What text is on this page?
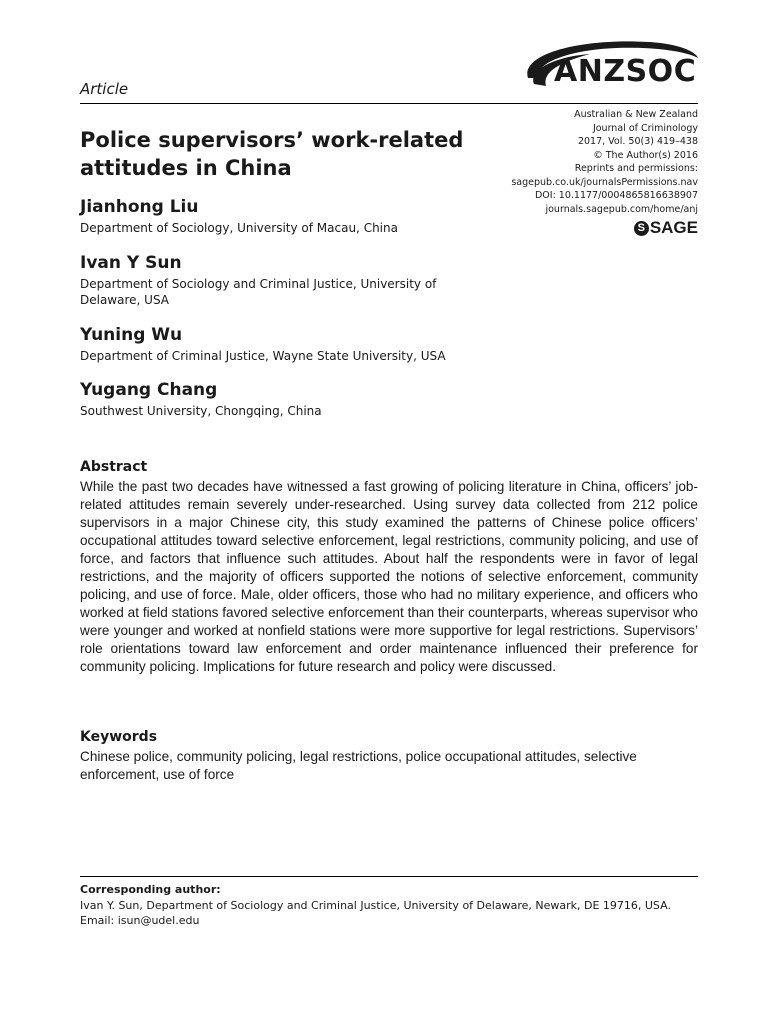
ANZSOC
Article
Australian & New Zealand
Journal of Criminology
2017, Vol. 50(3) 419–438
© The Author(s) 2016
Reprints and permissions:
sagepub.co.uk/journalsPermissions.nav
DOI: 10.1177/0004865816638907
journals.sagepub.com/home/anj
S SAGE
Police supervisors’ work-related attitudes in China
Jianhong Liu
Department of Sociology, University of Macau, China
Ivan Y Sun
Department of Sociology and Criminal Justice, University of Delaware, USA
Yuning Wu
Department of Criminal Justice, Wayne State University, USA
Yugang Chang
Southwest University, Chongqing, China
Abstract
While the past two decades have witnessed a fast growing of policing literature in China, officers’ job-related attitudes remain severely under-researched. Using survey data collected from 212 police supervisors in a major Chinese city, this study examined the patterns of Chinese police officers’ occupational attitudes toward selective enforcement, legal restrictions, community policing, and use of force, and factors that influence such attitudes. About half the respondents were in favor of legal restrictions, and the majority of officers supported the notions of selective enforcement, community policing, and use of force. Male, older officers, those who had no military experience, and officers who worked at field stations favored selective enforcement than their counterparts, whereas supervisor who were younger and worked at nonfield stations were more supportive for legal restrictions. Supervisors’ role orientations toward law enforcement and order maintenance influenced their preference for community policing. Implications for future research and policy were discussed.
Keywords
Chinese police, community policing, legal restrictions, police occupational attitudes, selective enforcement, use of force
Corresponding author:
Ivan Y. Sun, Department of Sociology and Criminal Justice, University of Delaware, Newark, DE 19716, USA.
Email: isun@udel.edu
